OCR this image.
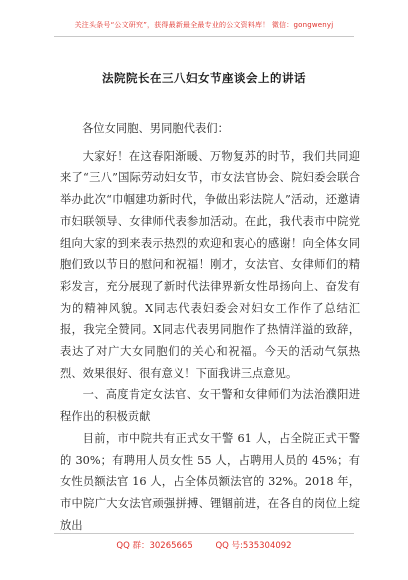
关注头条号“公文研究”，获得最新最全最专业的公文资料库！ 微信：gongwenyj
法院院长在三八妇女节座谈会上的讲话

各位女同胞、男同胞代表们：

大家好！在这春阳渐暖、万物复苏的时节，我们共同迎来了“三八”国际劳动妇女节，市女法官协会、院妇委会联合举办此次“巾帼建功新时代，争做出彩法院人”活动，还邀请市妇联领导、女律师代表参加活动。在此，我代表市中院党组向大家的到来表示热烈的欢迎和衷心的感谢！向全体女同胞们致以节日的慰问和祝福！刚才，女法官、女律师们的精彩发言，充分展现了新时代法律界新女性昂扬向上、奋发有为的精神风貌。X同志代表妇委会对妇女工作作了总结汇报，我完全赞同。X同志代表男同胞作了热情洋溢的致辞，表达了对广大女同胞们的关心和祝福。今天的活动气氛热烈、效果很好、很有意义！下面我讲三点意见。

一、高度肯定女法官、女干警和女律师们为法治濮阳进程作出的积极贡献

目前，市中院共有正式女干警 61 人，占全院正式干警的 30%；有聘用人员女性 55 人，占聘用人员的 45%；有女性员额法官 16 人，占全体员额法官的 32%。2018 年，市中院广大女法官顽强拼搏、锂锢前进，在各自的岗位上绽放出

QQ 群：30265665	QQ 号:535304092
